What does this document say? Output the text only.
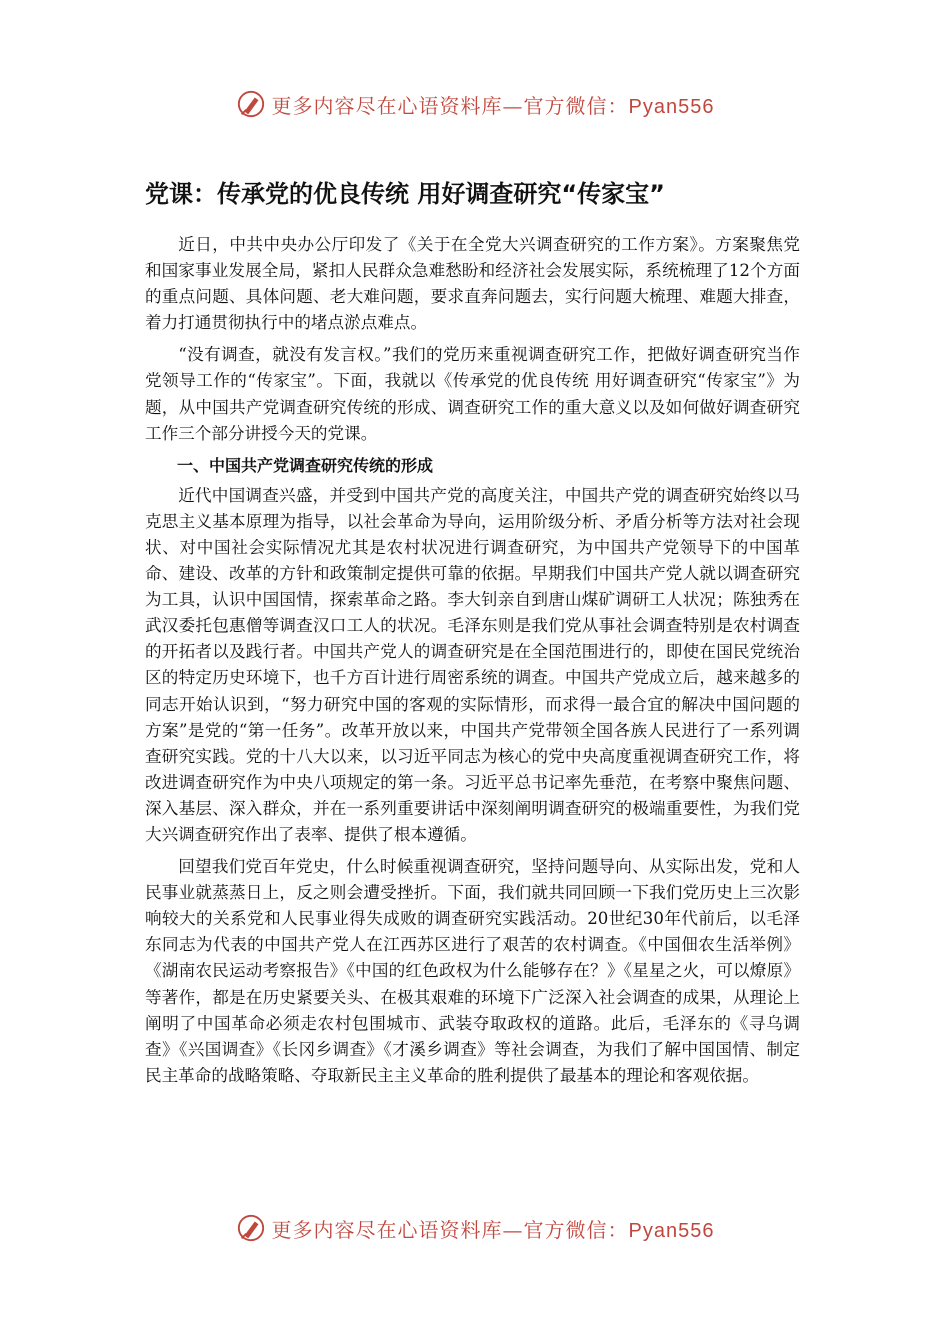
更多内容尽在心语资料库—官方微信：Pyan556
党课：传承党的优良传统 用好调查研究“传家宝”

近日，中共中央办公厅印发了《关于在全党大兴调查研究的工作方案》。方案聚焦党和国家事业发展全局，紧扣人民群众急难愁盼和经济社会发展实际，系统梳理了12个方面的重点问题、具体问题、老大难问题，要求直奔问题去，实行问题大梳理、难题大排查，着力打通贯彻执行中的堵点淤点难点。

“没有调查，就没有发言权。”我们的党历来重视调查研究工作，把做好调查研究当作党领导工作的“传家宝”。下面，我就以《传承党的优良传统 用好调查研究“传家宝”》为题，从中国共产党调查研究传统的形成、调查研究工作的重大意义以及如何做好调查研究工作三个部分讲授今天的党课。

一、中国共产党调查研究传统的形成

近代中国调查兴盛，并受到中国共产党的高度关注，中国共产党的调查研究始终以马克思主义基本原理为指导，以社会革命为导向，运用阶级分析、矛盾分析等方法对社会现状、对中国社会实际情况尤其是农村状况进行调查研究，为中国共产党领导下的中国革命、建设、改革的方针和政策制定提供可靠的依据。早期我们中国共产党人就以调查研究为工具，认识中国国情，探索革命之路。李大钊亲自到唐山煤矿调研工人状况；陈独秀在武汉委托包惠僧等调查汉口工人的状况。毛泽东则是我们党从事社会调查特别是农村调查的开拓者以及践行者。中国共产党人的调查研究是在全国范围进行的，即使在国民党统治区的特定历史环境下，也千方百计进行周密系统的调查。中国共产党成立后，越来越多的同志开始认识到，“努力研究中国的客观的实际情形，而求得一最合宜的解决中国问题的方案”是党的“第一任务”。改革开放以来，中国共产党带领全国各族人民进行了一系列调查研究实践。党的十八大以来，以习近平同志为核心的党中央高度重视调查研究工作，将改进调查研究作为中央八项规定的第一条。习近平总书记率先垂范，在考察中聚焦问题、深入基层、深入群众，并在一系列重要讲话中深刻阐明调查研究的极端重要性，为我们党大兴调查研究作出了表率、提供了根本遵循。

回望我们党百年党史，什么时候重视调查研究，坚持问题导向、从实际出发，党和人民事业就蒸蒸日上，反之则会遭受挫折。下面，我们就共同回顾一下我们党历史上三次影响较大的关系党和人民事业得失成败的调查研究实践活动。20世纪30年代前后，以毛泽东同志为代表的中国共产党人在江西苏区进行了艰苦的农村调查。《中国佃农生活举例》《湖南农民运动考察报告》《中国的红色政权为什么能够存在？》《星星之火，可以燎原》等著作，都是在历史紧要关头、在极其艰难的环境下广泛深入社会调查的成果，从理论上阐明了中国革命必须走农村包围城市、武装夺取政权的道路。此后，毛泽东的《寻乌调查》《兴国调查》《长冈乡调查》《才溪乡调查》等社会调查，为我们了解中国国情、制定民主革命的战略策略、夺取新民主主义革命的胜利提供了最基本的理论和客观依据。

更多内容尽在心语资料库—官方微信：Pyan556
